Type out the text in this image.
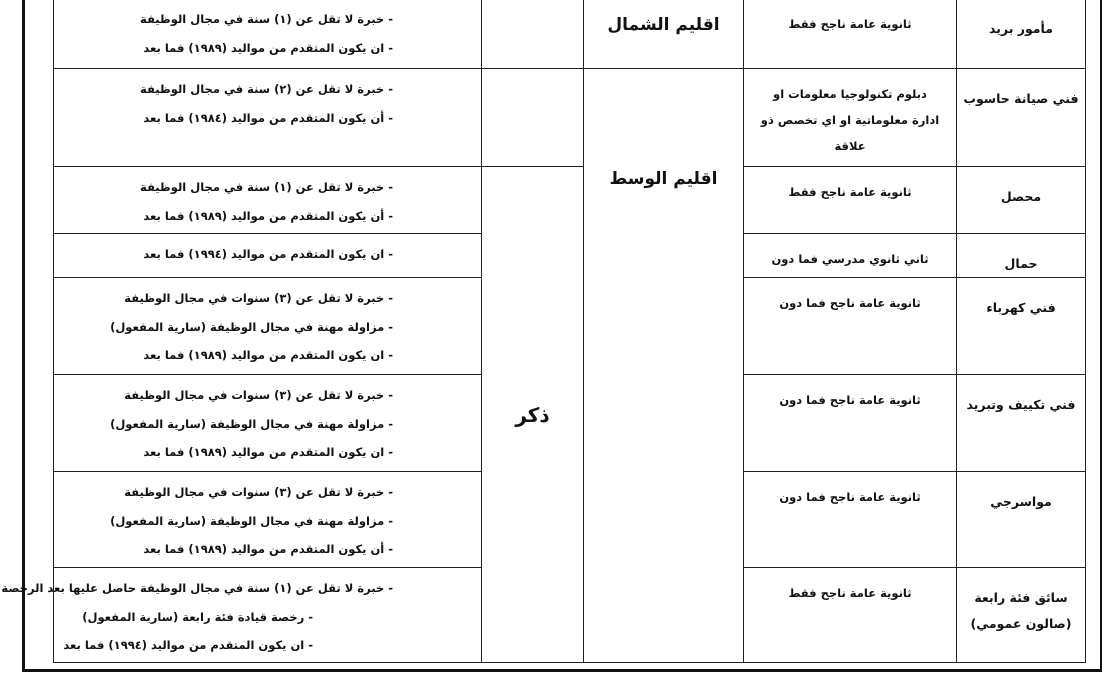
مأمور بريد	ثانوية عامة ناجح فقط	اقليم الشمال		- خبرة لا تقل عن (١) سنة في مجال الوظيفة
- ان يكون المتقدم من مواليد (١٩٨٩) فما بعد

فني صيانة حاسوب	دبلوم تكنولوجيا معلومات او
ادارة معلوماتية او اي تخصص ذو
علاقة	اقليم الوسط		- خبرة لا تقل عن (٢) سنة في مجال الوظيفة
- أن يكون المتقدم من مواليد (١٩٨٤) فما بعد

محصل	ثانوية عامة ناجح فقط		ذكر	- خبرة لا تقل عن (١) سنة في مجال الوظيفة
- أن يكون المتقدم من مواليد (١٩٨٩) فما بعد

حمال	ثاني ثانوي مدرسي فما دون			- ان يكون المتقدم من مواليد (١٩٩٤) فما بعد

فني كهرباء	ثانوية عامة ناجح فما دون			- خبرة لا تقل عن (٣) سنوات في مجال الوظيفة
- مزاولة مهنة في مجال الوظيفة (سارية المفعول)
- ان يكون المتقدم من مواليد (١٩٨٩) فما بعد

فني تكييف وتبريد	ثانوية عامة ناجح فما دون			- خبرة لا تقل عن (٣) سنوات في مجال الوظيفة
- مزاولة مهنة في مجال الوظيفة (سارية المفعول)
- ان يكون المتقدم من مواليد (١٩٨٩) فما بعد

مواسرجي	ثانوية عامة ناجح فما دون			- خبرة لا تقل عن (٣) سنوات في مجال الوظيفة
- مزاولة مهنة في مجال الوظيفة (سارية المفعول)
- أن يكون المتقدم من مواليد (١٩٨٩) فما بعد

سائق فئة رابعة
(صالون عمومي)	ثانوية عامة ناجح فقط			- خبرة لا تقل عن (١) سنة في مجال الوظيفة حاصل عليها بعد الرخصة
- رخصة قيادة فئة رابعة (سارية المفعول)
- ان يكون المتقدم من مواليد (١٩٩٤) فما بعد
